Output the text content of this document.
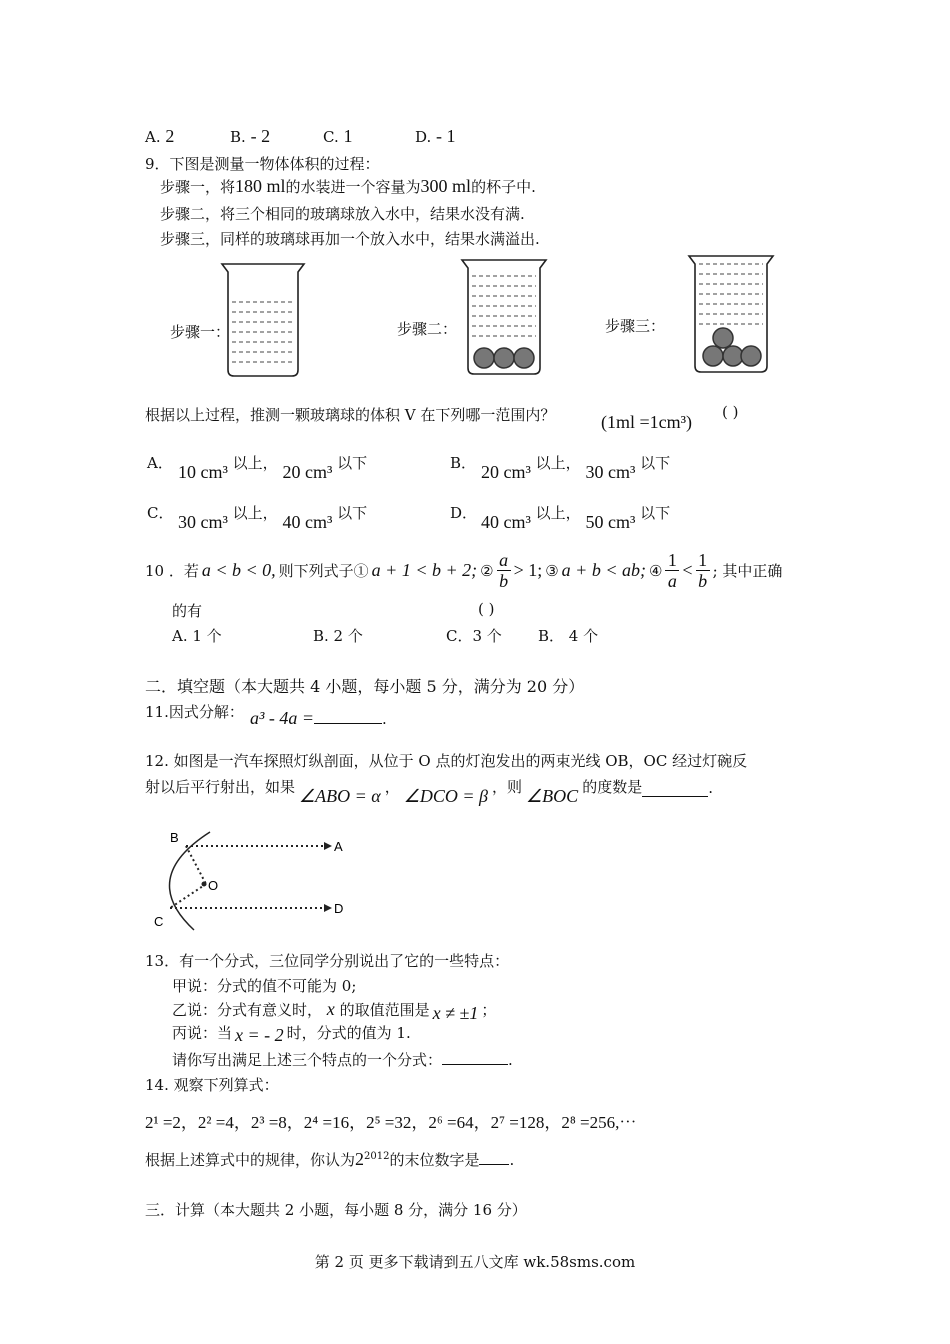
A. 2	B. - 2	C. 1	D. - 1
9．下图是测量一物体体积的过程：
步骤一，将180 ml的水装进一个容量为300 ml的杯子中.
步骤二，将三个相同的玻璃球放入水中，结果水没有满.
步骤三，同样的玻璃球再加一个放入水中，结果水满溢出.
步骤一：	步骤二：	步骤三：
根据以上过程，推测一颗玻璃球的体积 V 在下列哪一范围内？	(1ml =1cm³) ( )
A． 10 cm³ 以上， 20 cm³ 以下	B． 20 cm³ 以上， 30 cm³ 以下
C． 30 cm³ 以上， 40 cm³ 以下	D． 40 cm³ 以上， 50 cm³ 以下
10 ．若 a < b < 0, 则下列式子① a + 1 < b + 2; ② $\frac{a}{b} > 1$; ③ a + b < ab; ④ $\frac{1}{a} < \frac{1}{b}$ ; 其中正确
的有	( )
A. 1 个	B. 2 个	C．3 个 B． 4 个
二．填空题（本大题共 4 小题，每小题 5 分，满分为 20 分）
11.因式分解： a³ - 4a =	.
12. 如图是一汽车探照灯纵剖面，从位于 O 点的灯泡发出的两束光线 OB，OC 经过灯碗反
射以后平行射出，如果 ∠ABO = α ， ∠DCO = β ，则 ∠BOC 的度数是	.
B
A
O
C
D
13．有一个分式，三位同学分别说出了它的一些特点：
甲说：分式的值不可能为 0;
乙说：分式有意义时， x 的取值范围是 x ≠ ±1 ；
丙说：当 x = - 2 时，分式的值为 1.
请你写出满足上述三个特点的一个分式：	.
14. 观察下列算式：
2¹ =2，2² =4，2³ =8，2⁴ =16，2⁵ =32，2⁶ =64，2⁷ =128，2⁸ =256,⋯
根据上述算式中的规律，你认为$2^{2012}$的末位数字是 .
三．计算（本大题共 2 小题，每小题 8 分，满分 16 分）
第 2 页 更多下载请到五八文库 wk.58sms.com
